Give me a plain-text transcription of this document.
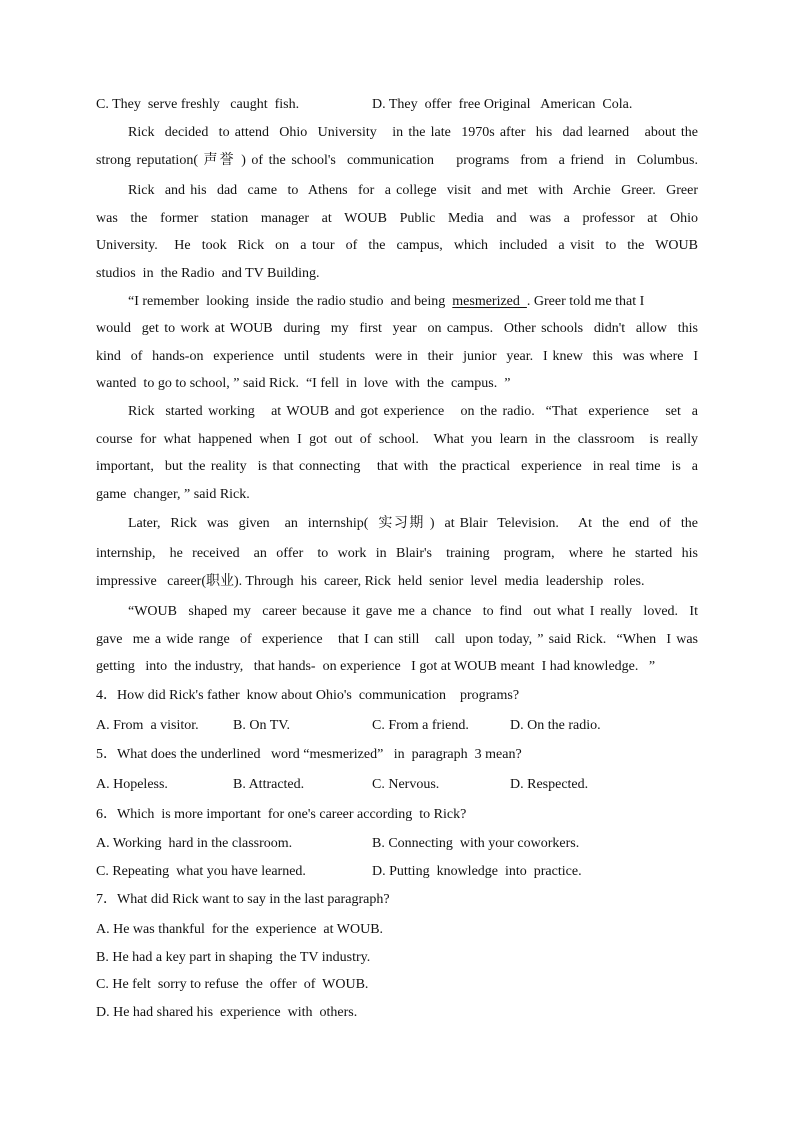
C. They  serve freshly   caught  fish.	D. They  offer  free Original   American  Cola.
Rick  decided  to attend  Ohio  University   in the late  1970s after  his  dad learned   about the
strong reputation( 声誉 ) of the school's  communication    programs  from  a friend  in  Columbus.
Rick  and his  dad  came  to  Athens  for  a college  visit  and met  with  Archie  Greer.  Greer
was  the  former  station  manager  at  WOUB  Public  Media  and  was  a  professor  at  Ohio
University.   He  took  Rick  on  a tour  of  the  campus,  which  included  a visit  to  the  WOUB
studios  in  the Radio  and TV Building.
“I remember  looking  inside  the radio studio  and being  mesmerized  . Greer told me that I
would  get to work at WOUB  during  my  first  year  on campus.  Other schools  didn't  allow  this
kind  of  hands-on  experience  until  students  were in  their  junior  year.  I knew  this  was where  I
wanted  to go to school, ” said Rick.  “I fell  in  love  with  the  campus.  ”
Rick  started working   at WOUB and got experience   on the radio.  “That  experience   set  a
course for what happened when I got out of school.  What you learn in the classroom  is really
important,  but the reality  is that connecting   that with  the practical  experience  in real time  is  a
game  changer, ” said Rick.
Later,  Rick  was  given   an  internship(  实习期 )  at Blair  Television.    At  the  end  of  the
internship,   he  received   an  offer   to  work  in  Blair's   training   program,   where  he  started  his
impressive   career(职业). Through  his  career, Rick  held  senior  level  media  leadership   roles.
“WOUB  shaped my  career because it gave me a chance  to find  out what I really  loved.  It
gave  me a wide range  of  experience   that I can still   call  upon today, ” said Rick.  “When  I was
getting   into  the industry,   that hands-  on experience   I got at WOUB meant  I had knowledge.   ”
4．How did Rick's father  know about Ohio's  communication    programs?
A. From  a visitor. B. On TV.	C. From a friend.	D. On the radio.
5．What does the underlined   word “mesmerized”   in  paragraph  3 mean?
A. Hopeless.	B. Attracted.	C. Nervous.	D. Respected.
6．Which  is more important  for one's career according  to Rick?
A. Working  hard in the classroom.	B. Connecting  with your coworkers.
C. Repeating  what you have learned.	D. Putting  knowledge  into  practice.
7．What did Rick want to say in the last paragraph?
A. He was thankful  for the  experience  at WOUB.
B. He had a key part in shaping  the TV industry.
C. He felt  sorry to refuse  the  offer  of  WOUB.
D. He had shared his  experience  with  others.
